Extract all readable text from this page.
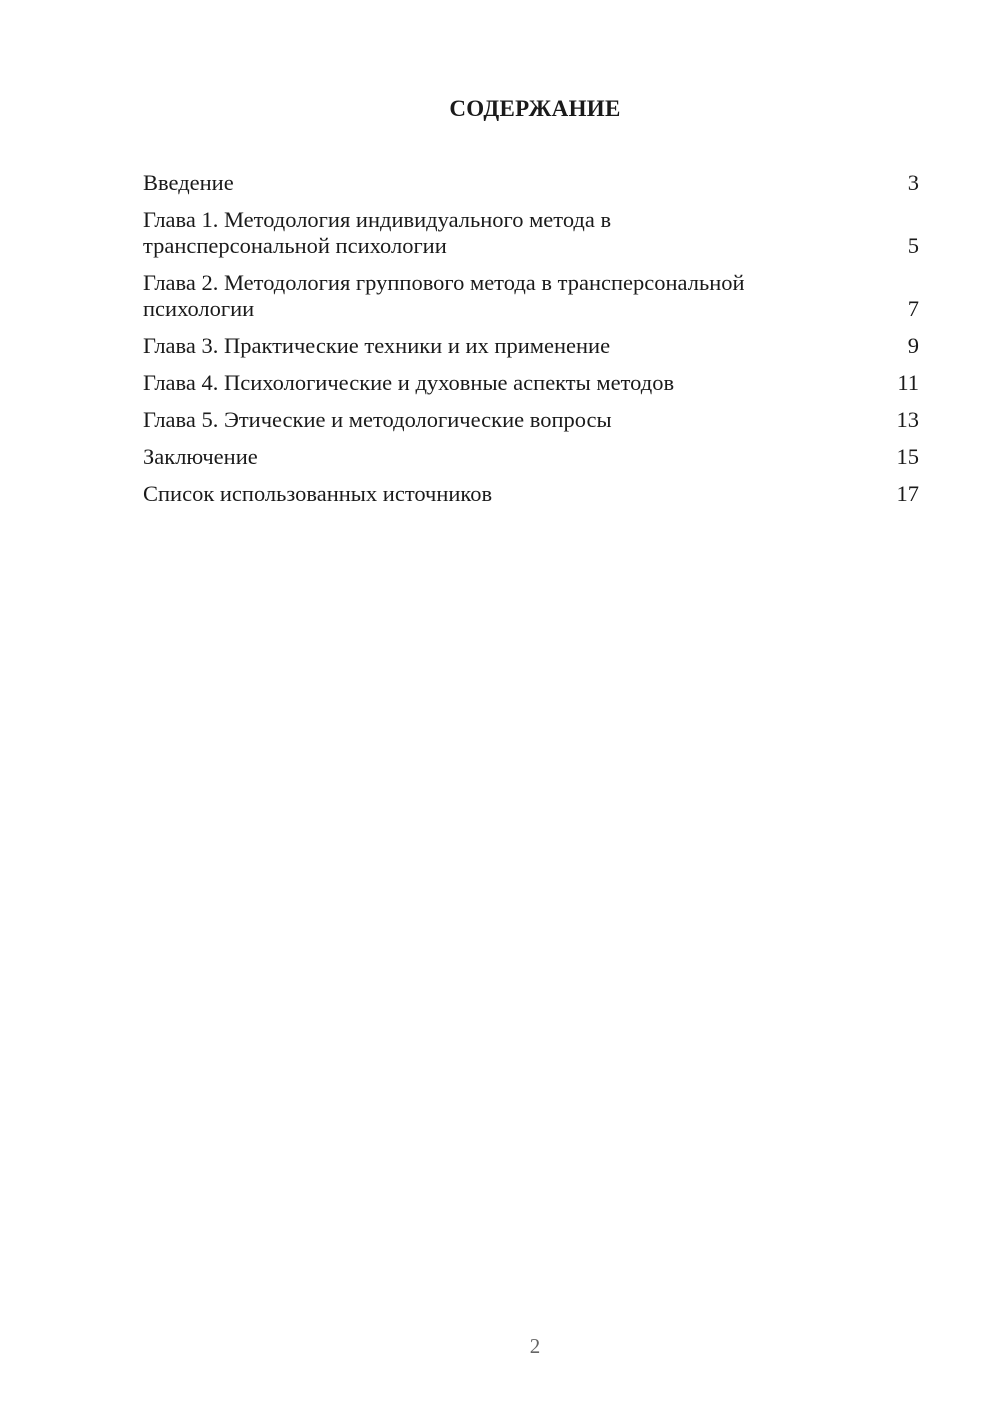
СОДЕРЖАНИЕ
Введение	3
Глава 1. Методология индивидуального метода в
трансперсональной психологии	5
Глава 2. Методология группового метода в трансперсональной
психологии	7
Глава 3. Практические техники и их применение	9
Глава 4. Психологические и духовные аспекты методов	11
Глава 5. Этические и методологические вопросы	13
Заключение	15
Список использованных источников	17
2
